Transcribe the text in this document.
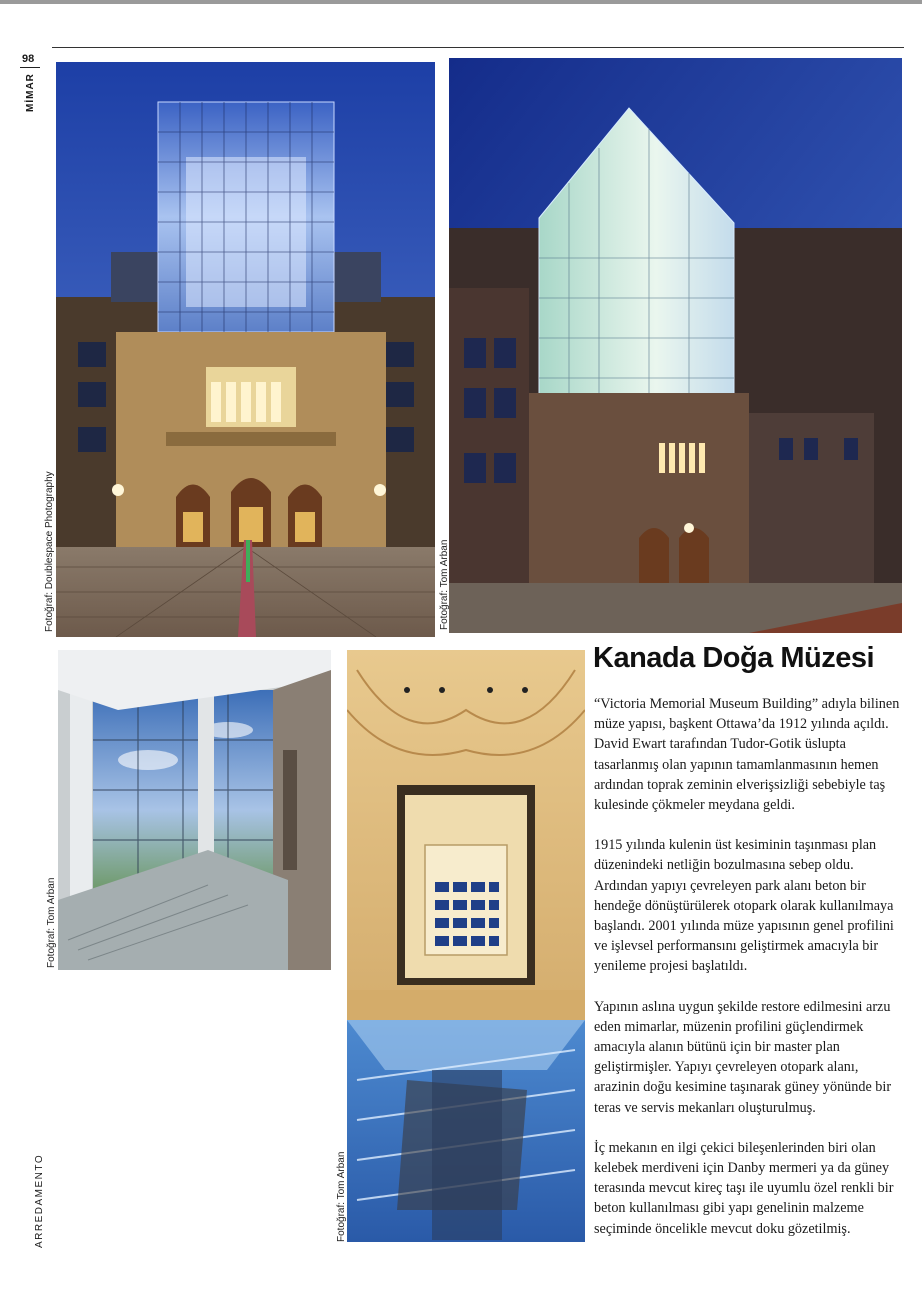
98
MİMAR
ARREDAMENTO
Fotoğraf: Doublespace Photography	Fotoğraf: Tom Arban
Fotoğraf: Tom Arban
Fotoğraf: Tom Arban
Kanada Doğa Müzesi

“Victoria Memorial Museum Building” adıyla bilinen müze yapısı, başkent Ottawa’da 1912 yılında açıldı. David Ewart tarafından Tudor-Gotik üslupta tasarlanmış olan yapının tamamlanmasının hemen ardından toprak zeminin elverişsizliği sebebiyle taş kulesinde çökmeler meydana geldi.

1915 yılında kulenin üst kesiminin taşınması plan düzenindeki netliğin bozulmasına sebep oldu. Ardından yapıyı çevreleyen park alanı beton bir hendeğe dönüştürülerek otopark olarak kullanılmaya başlandı. 2001 yılında müze yapısının genel profilini ve işlevsel performansını geliştirmek amacıyla bir yenileme projesi başlatıldı.

Yapının aslına uygun şekilde restore edilmesini arzu eden mimarlar, müzenin profilini güçlendirmek amacıyla alanın bütünü için bir master plan geliştirmişler. Yapıyı çevreleyen otopark alanı, arazinin doğu kesimine taşınarak güney yönünde bir teras ve servis mekanları oluşturulmuş.

İç mekanın en ilgi çekici bileşenlerinden biri olan kelebek merdiveni için Danby mermeri ya da güney terasında mevcut kireç taşı ile uyumlu özel renkli bir beton kullanılması gibi yapı genelinin malzeme seçiminde öncelikle mevcut doku gözetilmiş.
